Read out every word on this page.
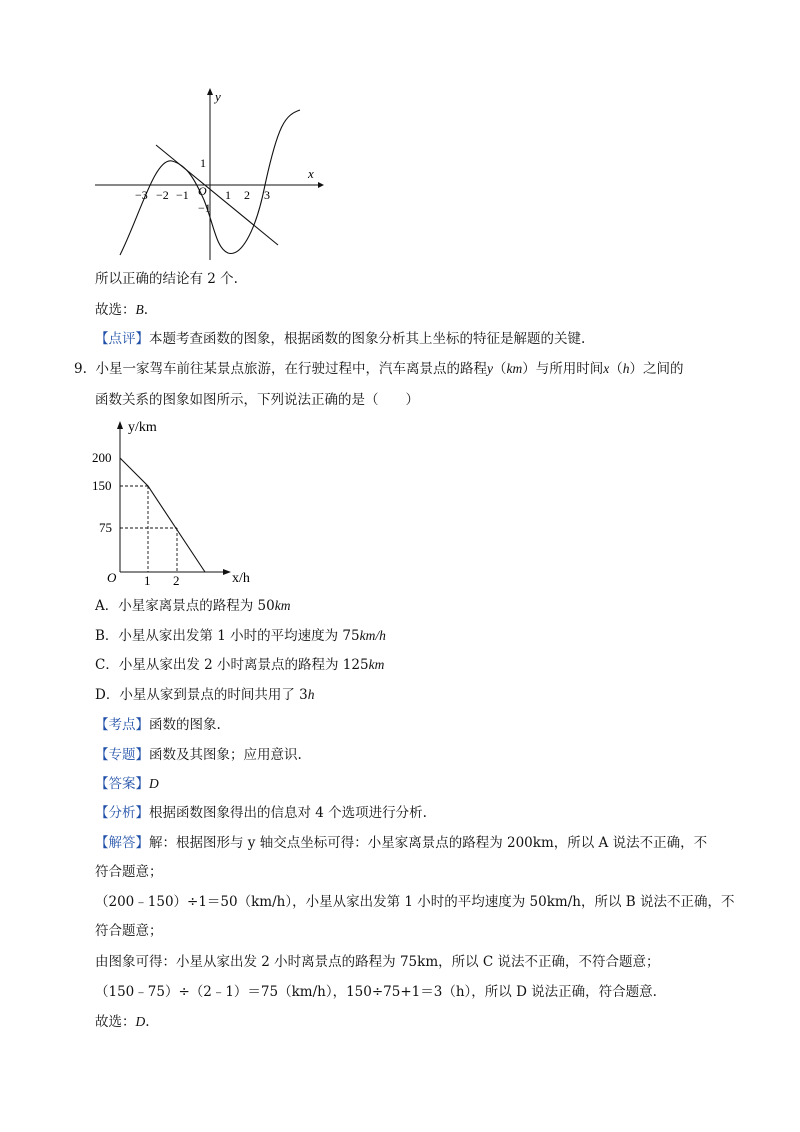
x
y
O
−3 −2 −1	1 2 3
1
−1
所以正确的结论有 2 个.
故选：B.
【点评】本题考查函数的图象，根据函数的图象分析其上坐标的特征是解题的关键.
9. 小星一家驾车前往某景点旅游，在行驶过程中，汽车离景点的路程y（km）与所用时间x（h）之间的
函数关系的图象如图所示，下列说法正确的是（　　）
y/km
x/h
O
200
150
75
1 2
A．小星家离景点的路程为 50km
B．小星从家出发第 1 小时的平均速度为 75km/h
C．小星从家出发 2 小时离景点的路程为 125km
D．小星从家到景点的时间共用了 3h
【考点】函数的图象.
【专题】函数及其图象；应用意识.
【答案】D
【分析】根据函数图象得出的信息对 4 个选项进行分析.
【解答】解：根据图形与 y 轴交点坐标可得：小星家离景点的路程为 200km，所以 A 说法不正确，不
符合题意；
（200﹣150）÷1＝50（km/h），小星从家出发第 1 小时的平均速度为 50km/h，所以 B 说法不正确，不
符合题意；
由图象可得：小星从家出发 2 小时离景点的路程为 75km，所以 C 说法不正确，不符合题意；
（150﹣75）÷（2﹣1）＝75（km/h），150÷75+1＝3（h），所以 D 说法正确，符合题意.
故选：D.
